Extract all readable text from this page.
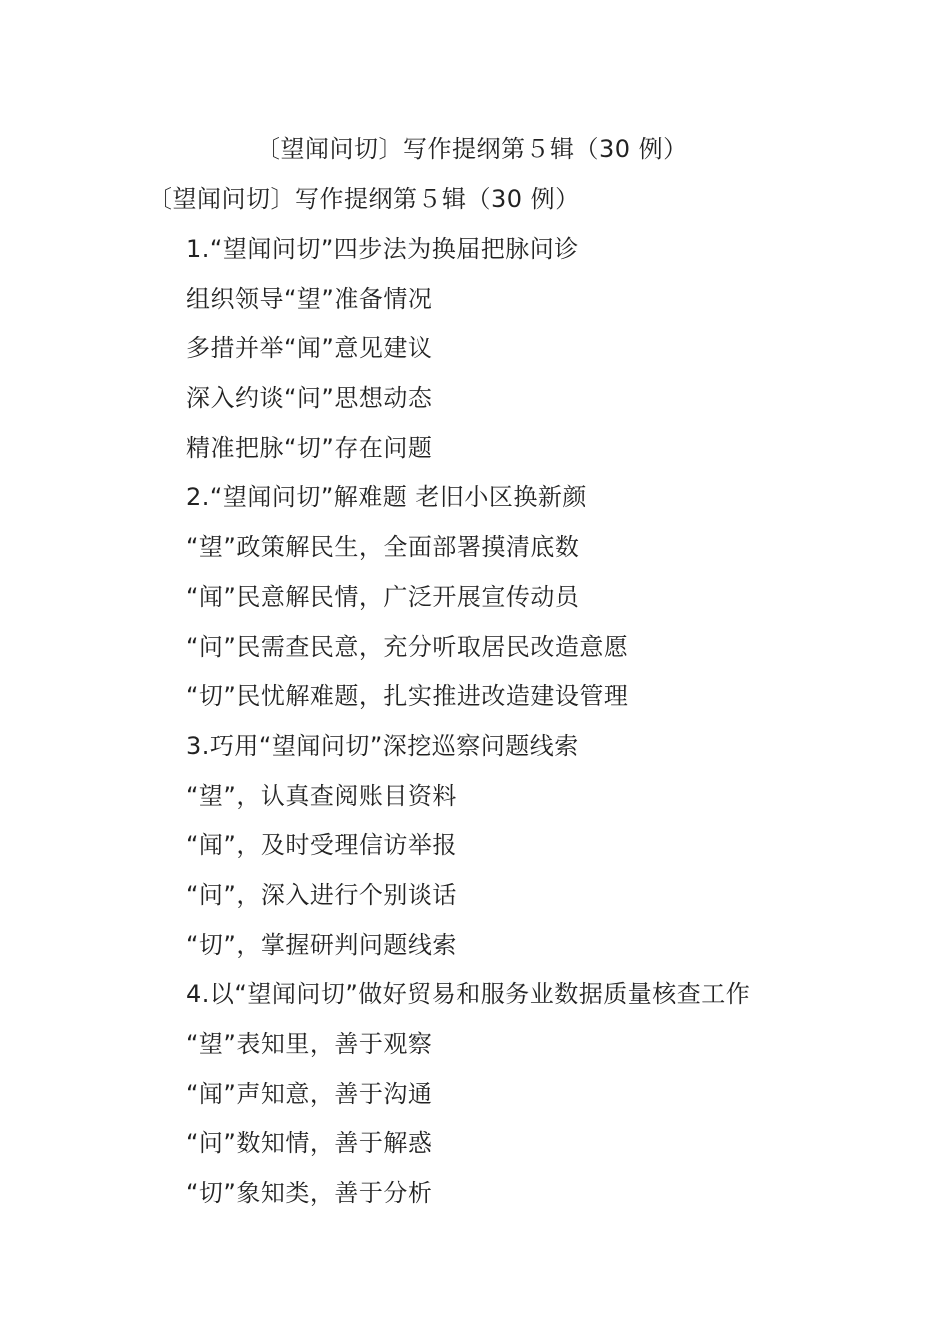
〔望闻问切〕写作提纲第５辑（30 例）
〔望闻问切〕写作提纲第５辑（30 例）
1.“望闻问切”四步法为换届把脉问诊
组织领导“望”准备情况
多措并举“闻”意见建议
深入约谈“问”思想动态
精准把脉“切”存在问题
2.“望闻问切”解难题 老旧小区换新颜
“望”政策解民生，全面部署摸清底数
“闻”民意解民情，广泛开展宣传动员
“问”民需查民意，充分听取居民改造意愿
“切”民忧解难题，扎实推进改造建设管理
3.巧用“望闻问切”深挖巡察问题线索
“望”，认真查阅账目资料
“闻”，及时受理信访举报
“问”，深入进行个别谈话
“切”，掌握研判问题线索
4.以“望闻问切”做好贸易和服务业数据质量核查工作
“望”表知里，善于观察
“闻”声知意，善于沟通
“问”数知情，善于解惑
“切”象知类，善于分析
